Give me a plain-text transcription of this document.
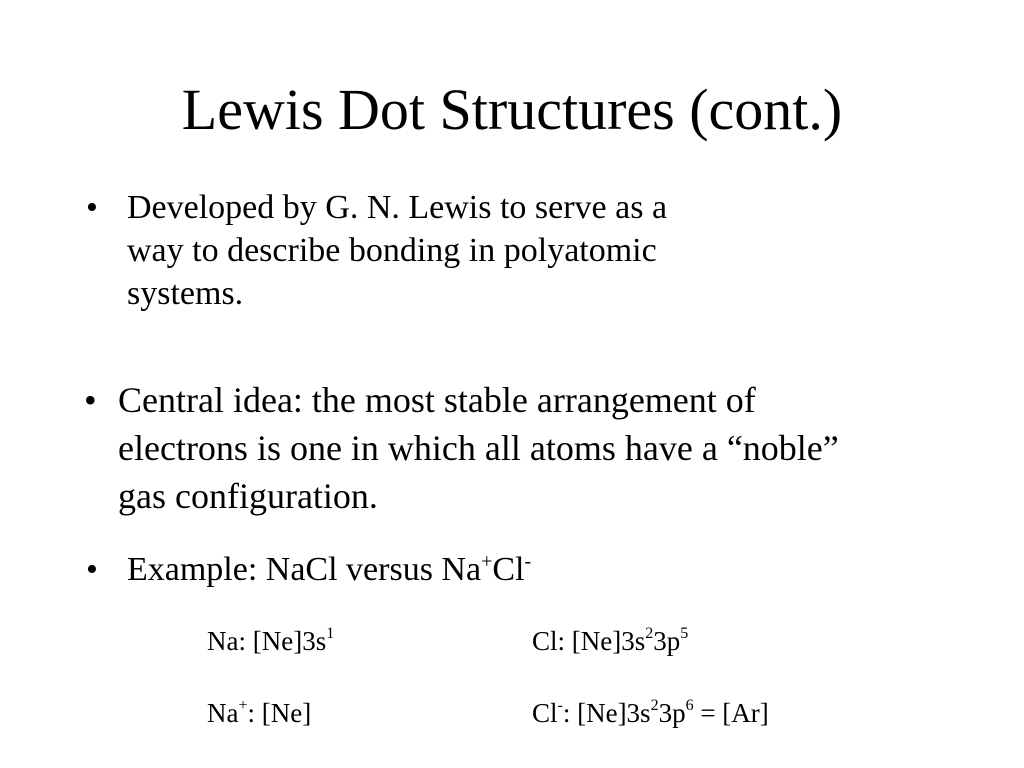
Lewis Dot Structures (cont.)
• Developed by G. N. Lewis to serve as a
way to describe bonding in polyatomic
systems.
• Central idea: the most stable arrangement of
electrons is one in which all atoms have a “noble”
gas configuration.
• Example: NaCl versus Na+Cl-
Na: $[Ne]3s^1$	Cl: $[Ne]3s^23p^5$
Na+: [Ne]	Cl-: $[Ne]3s^23p^6 = [Ar]$
